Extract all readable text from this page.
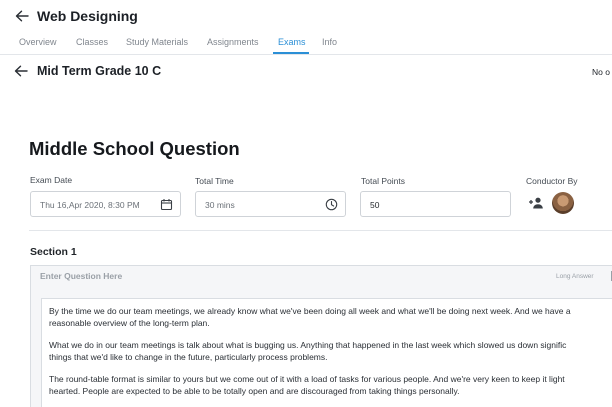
Web Designing
Overview Classes Study Materials Assignments Exams Info
Mid Term Grade 10 C	No o
Middle School Question
Exam Date	Total Time	Total Points	Conductor By
Thu 16,Apr 2020, 8:30 PM	30 mins	50
Section 1
Enter Question Here	Long Answer

By the time we do our team meetings, we already know what we've been doing all week and what we'll be doing next week. And we have a
reasonable overview of the long-term plan.

What we do in our team meetings is talk about what is bugging us. Anything that happened in the last week which slowed us down signific
things that we'd like to change in the future, particularly process problems.

The round-table format is similar to yours but we come out of it with a load of tasks for various people. And we're very keen to keep it light
hearted. People are expected to be able to be totally open and are discouraged from taking things personally.
